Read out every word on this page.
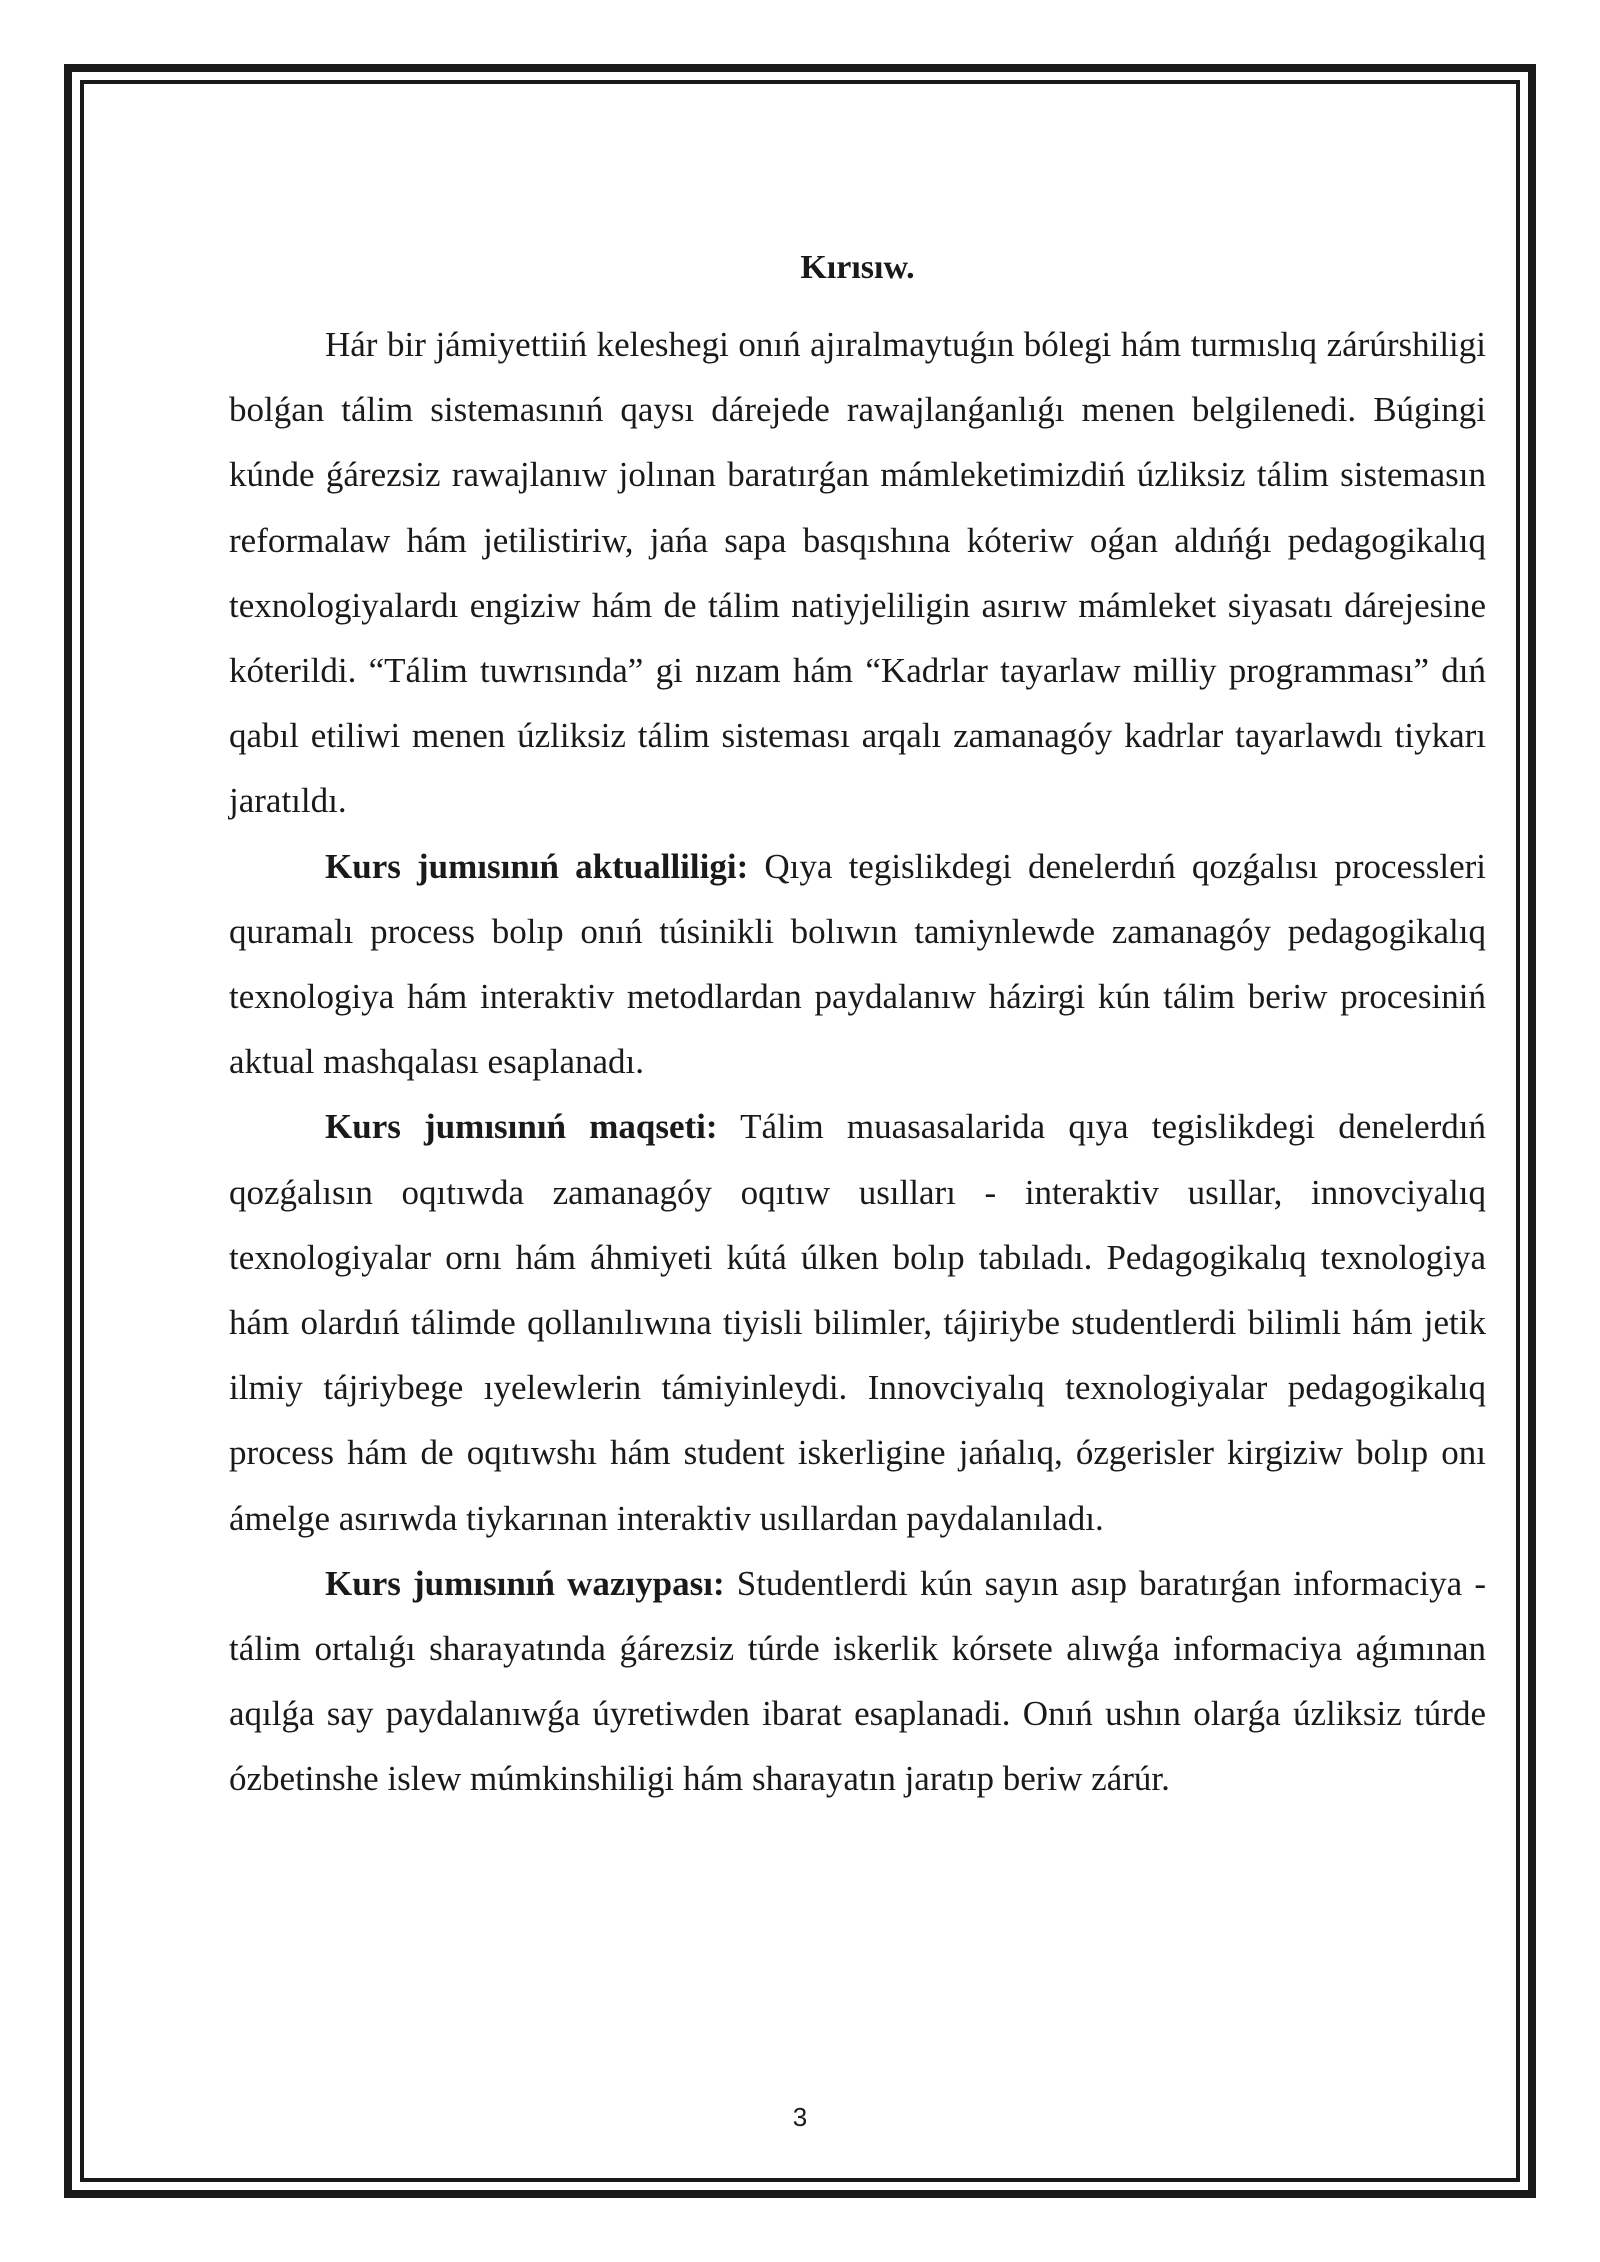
Kırısıw.

Hár bir jámiyettiiń keleshegi onıń ajıralmaytuǵın bólegi hám turmıslıq zárúrshiligi bolǵan tálim sistemasınıń qaysı dárejede rawajlanǵanlıǵı menen belgilenedi. Búgingi kúnde ǵárezsiz rawajlanıw jolınan baratırǵan mámleketimizdiń úzliksiz tálim sistemasın reformalaw hám jetilistiriw, jańa sapa basqıshına kóteriw oǵan aldıńǵı pedagogikalıq texnologiyalardı engiziw hám de tálim natiyjeliligin asırıw mámleket siyasatı dárejesine kóterildi. “Tálim tuwrısında” gi nızam hám “Kadrlar tayarlaw milliy programması” dıń qabıl etiliwi menen úzliksiz tálim sisteması arqalı zamanagóy kadrlar tayarlawdı tiykarı jaratıldı.

Kurs jumısınıń aktualliligi: Qıya tegislikdegi denelerdıń qozǵalısı processleri quramalı process bolıp onıń túsinikli bolıwın tamiynlewde zamanagóy pedagogikalıq texnologiya hám interaktiv metodlardan paydalanıw házirgi kún tálim beriw procesiniń aktual mashqalası esaplanadı.

Kurs jumısınıń maqseti: Tálim muasasalarida qıya tegislikdegi denelerdıń qozǵalısın oqıtıwda zamanagóy oqıtıw usılları - interaktiv usıllar, innovciyalıq texnologiyalar ornı hám áhmiyeti kútá úlken bolıp tabıladı. Pedagogikalıq texnologiya hám olardıń tálimde qollanılıwına tiyisli bilimler, tájiriybe studentlerdi bilimli hám jetik ilmiy tájriybege ıyelewlerin támiyinleydi. Innovciyalıq texnologiyalar pedagogikalıq process hám de oqıtıwshı hám student iskerligine jańalıq, ózgerisler kirgiziw bolıp onı ámelge asırıwda tiykarınan interaktiv usıllardan paydalanıladı.

Kurs jumısınıń wazıypası: Studentlerdi kún sayın asıp baratırǵan informaciya -tálim ortalıǵı sharayatında ǵárezsiz túrde iskerlik kórsete alıwǵa informaciya aǵımınan aqılǵa say paydalanıwǵa úyretiwden ibarat esaplanadi. Onıń ushın olarǵa úzliksiz túrde ózbetinshe islew múmkinshiligi hám sharayatın jaratıp beriw zárúr.

3
